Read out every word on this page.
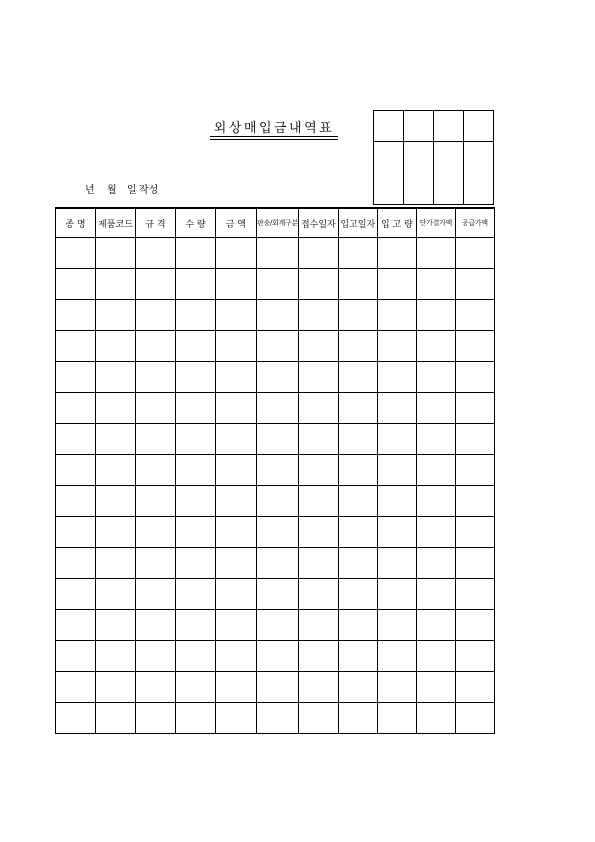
외상매입금내역표
년 월 일 작성

종 명	제품코드	규 격	수 량	금 액	판송/회계구분	접수일자	입고일자	입 고 량	단가결가액	공급가액
